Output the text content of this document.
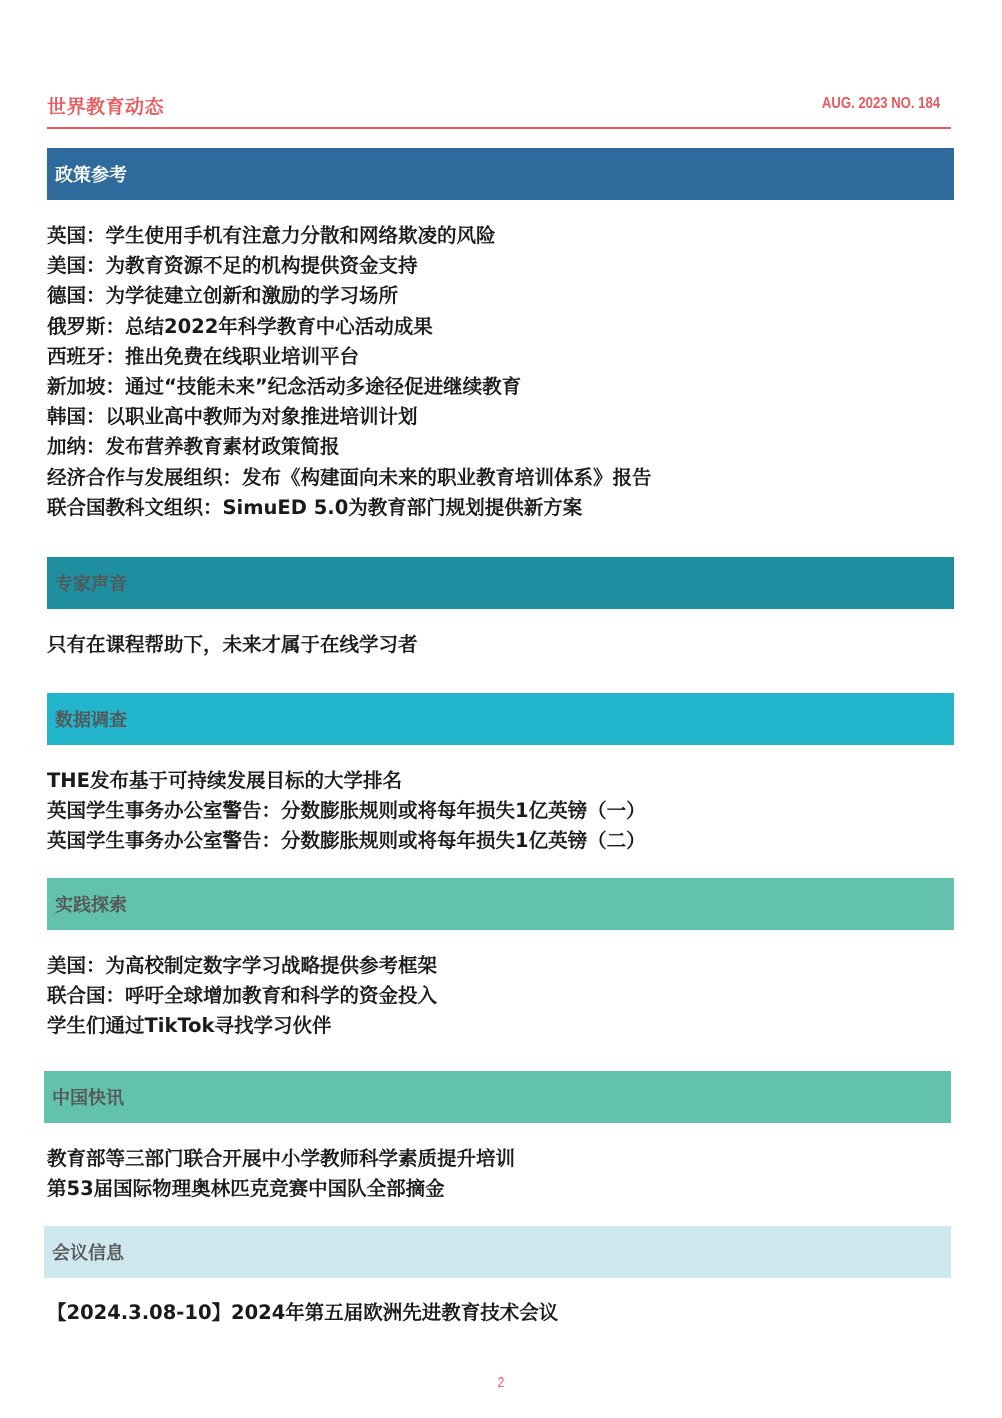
世界教育动态	AUG. 2023 NO. 184
政策参考
英国：学生使用手机有注意力分散和网络欺凌的风险
美国：为教育资源不足的机构提供资金支持
德国：为学徒建立创新和激励的学习场所
俄罗斯：总结2022年科学教育中心活动成果
西班牙：推出免费在线职业培训平台
新加坡：通过“技能未来”纪念活动多途径促进继续教育
韩国：以职业高中教师为对象推进培训计划
加纳：发布营养教育素材政策简报
经济合作与发展组织：发布《构建面向未来的职业教育培训体系》报告
联合国教科文组织：SimuED 5.0为教育部门规划提供新方案
专家声音
只有在课程帮助下，未来才属于在线学习者
数据调查
THE发布基于可持续发展目标的大学排名
英国学生事务办公室警告：分数膨胀规则或将每年损失1亿英镑（一）
英国学生事务办公室警告：分数膨胀规则或将每年损失1亿英镑（二）
实践探索
美国：为高校制定数字学习战略提供参考框架
联合国：呼吁全球增加教育和科学的资金投入
学生们通过TikTok寻找学习伙伴
中国快讯
教育部等三部门联合开展中小学教师科学素质提升培训
第53届国际物理奥林匹克竞赛中国队全部摘金
会议信息
【2024.3.08-10】2024年第五届欧洲先进教育技术会议
2
